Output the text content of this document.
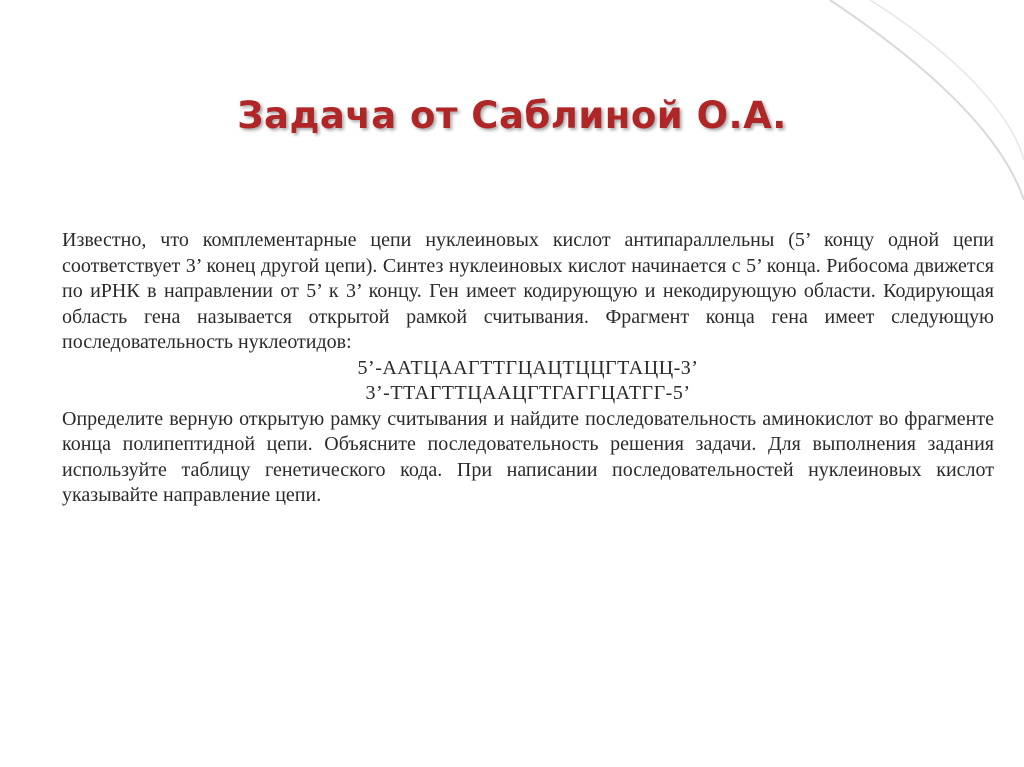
Задача от Саблиной О.А.

Известно, что комплементарные цепи нуклеиновых кислот антипараллельны (5’ концу одной цепи соответствует 3’ конец другой цепи). Синтез нуклеиновых кислот начинается с 5’ конца. Рибосома движется по иРНК в направлении от 5’ к 3’ концу. Ген имеет кодирующую и некодирующую области. Кодирующая область гена называется открытой рамкой считывания. Фрагмент конца гена имеет следующую последовательность нуклеотидов:

5’-ААТЦААГТТГЦАЦТЦЦГТАЦЦ-3’

3’-ТТАГТТЦААЦГТГАГГЦАТГГ-5’

Определите верную открытую рамку считывания и найдите последовательность аминокислот во фрагменте конца полипептидной цепи. Объясните последовательность решения задачи. Для выполнения задания используйте таблицу генетического кода. При написании последовательностей нуклеиновых кислот указывайте направление цепи.
